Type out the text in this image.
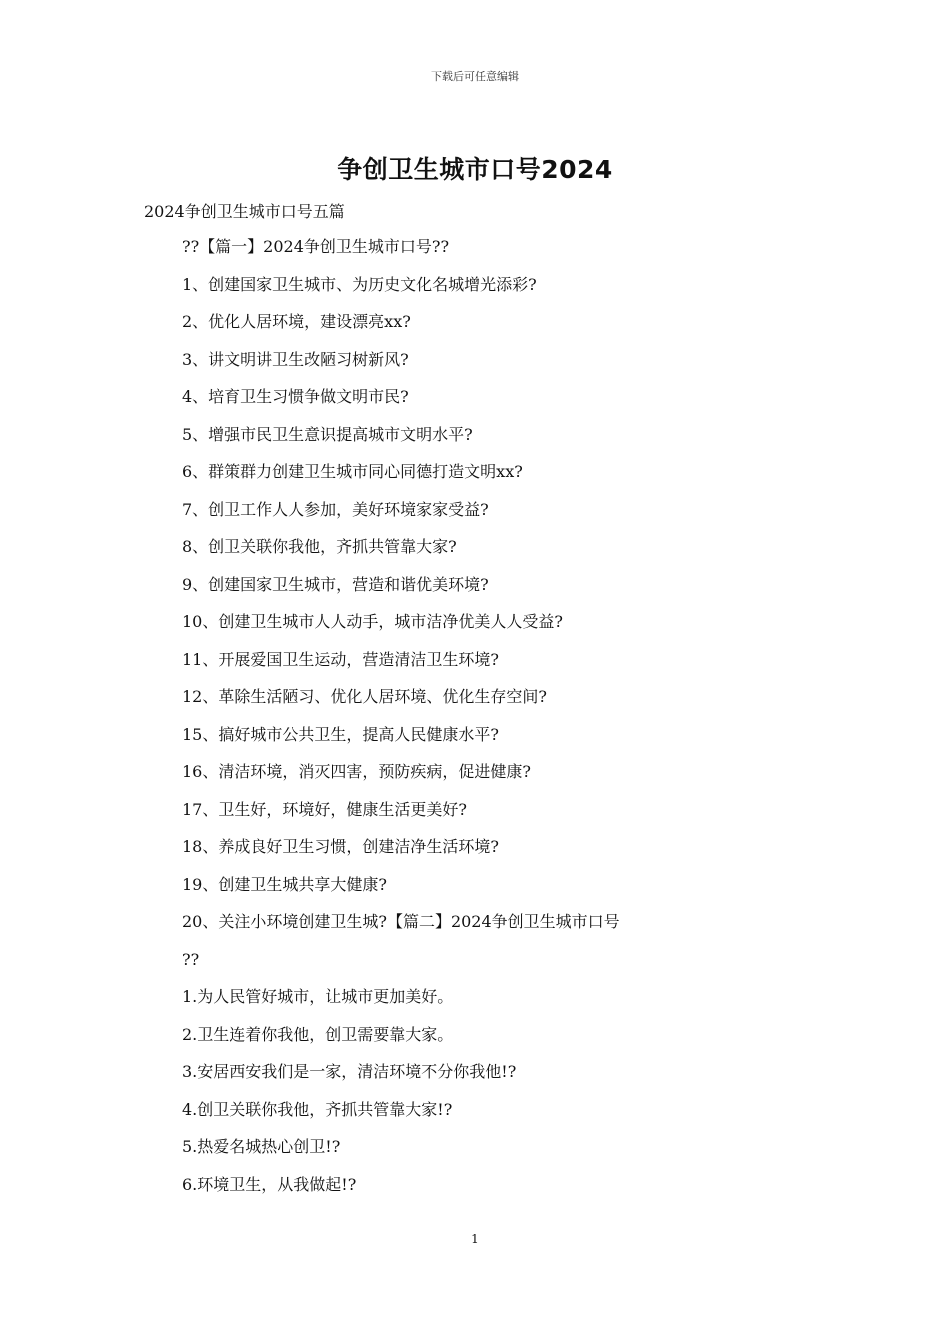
下载后可任意编辑
争创卫生城市口号2024
2024争创卫生城市口号五篇
??【篇一】2024争创卫生城市口号??
1、创建国家卫生城市、为历史文化名城增光添彩?
2、优化人居环境，建设漂亮xx?
3、讲文明讲卫生改陋习树新风?
4、培育卫生习惯争做文明市民?
5、增强市民卫生意识提高城市文明水平?
6、群策群力创建卫生城市同心同德打造文明xx?
7、创卫工作人人参加，美好环境家家受益?
8、创卫关联你我他，齐抓共管靠大家?
9、创建国家卫生城市，营造和谐优美环境?
10、创建卫生城市人人动手，城市洁净优美人人受益?
11、开展爱国卫生运动，营造清洁卫生环境?
12、革除生活陋习、优化人居环境、优化生存空间?
15、搞好城市公共卫生，提高人民健康水平?
16、清洁环境，消灭四害，预防疾病，促进健康?
17、卫生好，环境好，健康生活更美好?
18、养成良好卫生习惯，创建洁净生活环境?
19、创建卫生城共享大健康?
20、关注小环境创建卫生城?【篇二】2024争创卫生城市口号
??
1.为人民管好城市，让城市更加美好。
2.卫生连着你我他，创卫需要靠大家。
3.安居西安我们是一家，清洁环境不分你我他!?
4.创卫关联你我他，齐抓共管靠大家!?
5.热爱名城热心创卫!?
6.环境卫生，从我做起!?
1
